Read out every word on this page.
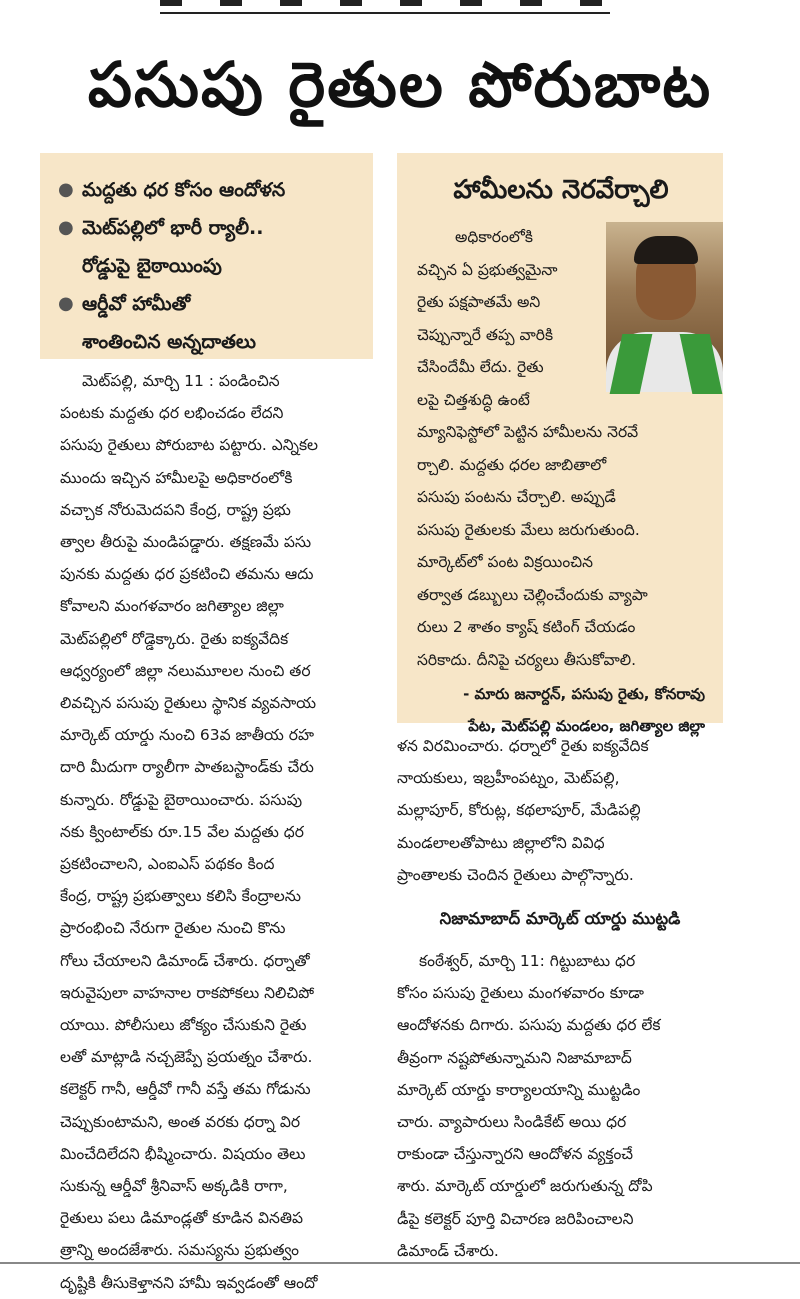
పసుపు రైతుల పోరుబాట
● మద్దతు ధర కోసం ఆందోళన
● మెట్‌పల్లిలో భారీ ర్యాలీ..
రోడ్డుపై బైఠాయింపు
● ఆర్డీవో హామీతో
శాంతించిన అన్నదాతలు
హామీలను నెరవేర్చాలి

అధికారంలోకి
వచ్చిన ఏ ప్రభుత్వమైనా
రైతు పక్షపాతమే అని
చెప్పున్నారే తప్ప వారికి
చేసిందేమీ లేదు. రైతు
లపై చిత్తశుద్ధి ఉంటే
మ్యానిఫెస్టోలో పెట్టిన హామీలను నెరవే
ర్చాలి. మద్దతు ధరల జాబితాలో
పసుపు పంటను చేర్చాలి. అప్పుడే
పసుపు రైతులకు మేలు జరుగుతుంది.
మార్కెట్‌లో పంట విక్రయించిన
తర్వాత డబ్బులు చెల్లించేందుకు వ్యాపా
రులు 2 శాతం క్యాష్ కటింగ్ చేయడం
సరికాదు. దీనిపై చర్యలు తీసుకోవాలి.

- మారు జనార్దన్, పసుపు రైతు, కోనరావు
పేట, మెట్‌పల్లి మండలం, జగిత్యాల జిల్లా
మెట్‌పల్లి, మార్చి 11 : పండించిన
పంటకు మద్దతు ధర లభించడం లేదని
పసుపు రైతులు పోరుబాట పట్టారు. ఎన్నికల
ముందు ఇచ్చిన హామీలపై అధికారంలోకి
వచ్చాక నోరుమెదపని కేంద్ర, రాష్ట్ర ప్రభు
త్వాల తీరుపై మండిపడ్డారు. తక్షణమే పసు
పునకు మద్దతు ధర ప్రకటించి తమను ఆదు
కోవాలని మంగళవారం జగిత్యాల జిల్లా
మెట్‌పల్లిలో రోడ్డెక్కారు. రైతు ఐక్యవేదిక
ఆధ్వర్యంలో జిల్లా నలుమూలల నుంచి తర
లివచ్చిన పసుపు రైతులు స్థానిక వ్యవసాయ
మార్కెట్ యార్డు నుంచి 63వ జాతీయ రహ
దారి మీదుగా ర్యాలీగా పాతబస్టాండ్‌కు చేరు
కున్నారు. రోడ్డుపై బైఠాయించారు. పసుపు
నకు క్వింటాల్‌కు రూ.15 వేల మద్దతు ధర
ప్రకటించాలని, ఎంఐఎస్ పథకం కింద
కేంద్ర, రాష్ట్ర ప్రభుత్వాలు కలిసి కేంద్రాలను
ప్రారంభించి నేరుగా రైతుల నుంచి కొను
గోలు చేయాలని డిమాండ్ చేశారు. ధర్నాతో
ఇరువైపులా వాహనాల రాకపోకలు నిలిచిపో
యాయి. పోలీసులు జోక్యం చేసుకుని రైతు
లతో మాట్లాడి నచ్చజెప్పే ప్రయత్నం చేశారు.
కలెక్టర్ గానీ, ఆర్డీవో గానీ వస్తే తమ గోడును
చెప్పుకుంటామని, అంత వరకు ధర్నా విర
మించేదిలేదని భీష్మించారు. విషయం తెలు
సుకున్న ఆర్డీవో శ్రీనివాస్ అక్కడికి రాగా,
రైతులు పలు డిమాండ్లతో కూడిన వినతిప
త్రాన్ని అందజేశారు. సమస్యను ప్రభుత్వం
దృష్టికి తీసుకెళ్తానని హామీ ఇవ్వడంతో ఆందో
ళన విరమించారు. ధర్నాలో రైతు ఐక్యవేదిక
నాయకులు, ఇబ్రహీంపట్నం, మెట్‌పల్లి,
మల్లాపూర్, కోరుట్ల, కథలాపూర్, మేడిపల్లి
మండలాలతోపాటు జిల్లాలోని వివిధ
ప్రాంతాలకు చెందిన రైతులు పాల్గొన్నారు.
నిజామాబాద్ మార్కెట్ యార్డు ముట్టడి
కంఠేశ్వర్, మార్చి 11: గిట్టుబాటు ధర
కోసం పసుపు రైతులు మంగళవారం కూడా
ఆందోళనకు దిగారు. పసుపు మద్దతు ధర లేక
తీవ్రంగా నష్టపోతున్నామని నిజామాబాద్
మార్కెట్ యార్డు కార్యాలయాన్ని ముట్టడిం
చారు. వ్యాపారులు సిండికేట్ అయి ధర
రాకుండా చేస్తున్నారని ఆందోళన వ్యక్తంచే
శారు. మార్కెట్ యార్డులో జరుగుతున్న దోపి
డీపై కలెక్టర్ పూర్తి విచారణ జరిపించాలని
డిమాండ్ చేశారు.
